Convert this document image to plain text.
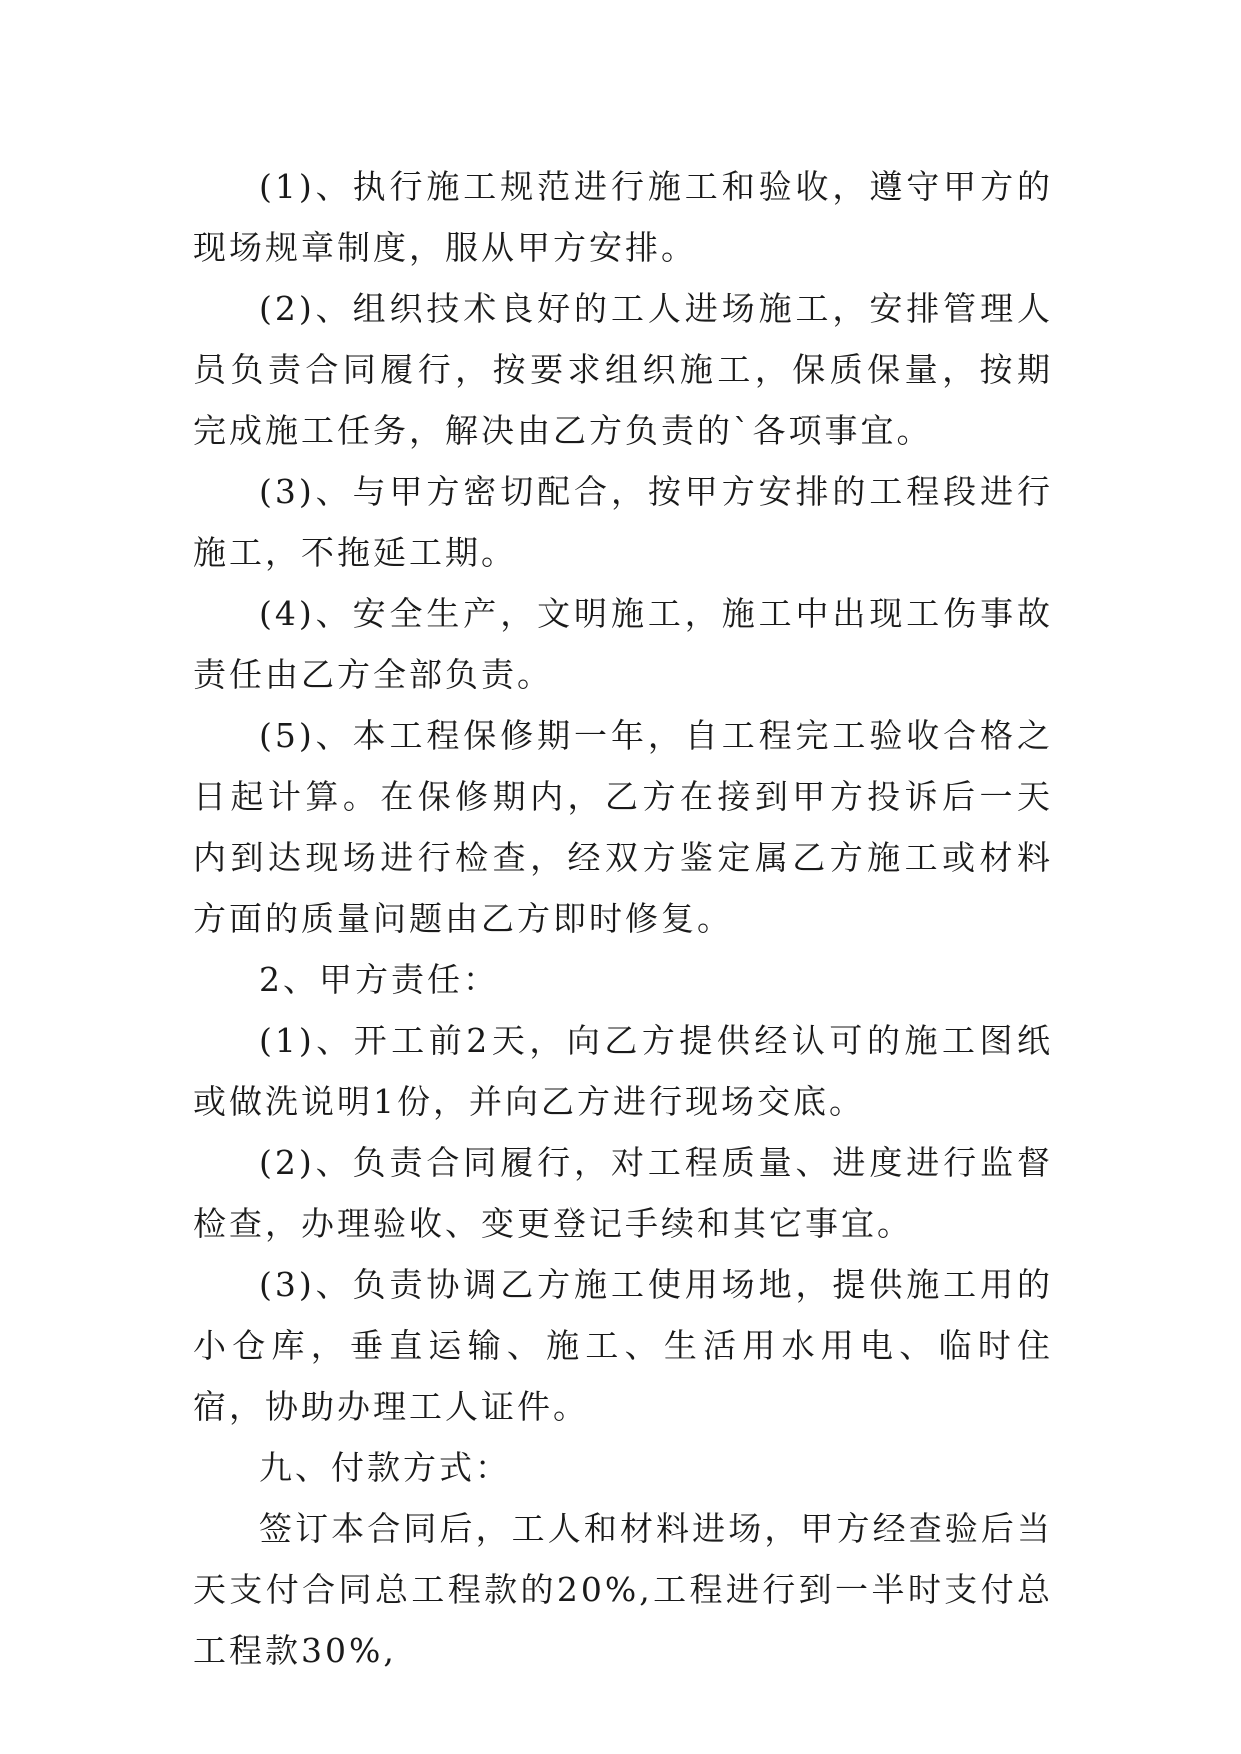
(1)、执行施工规范进行施工和验收，遵守甲方的现场规章制度，服从甲方安排。

(2)、组织技术良好的工人进场施工，安排管理人员负责合同履行，按要求组织施工，保质保量，按期完成施工任务，解决由乙方负责的`各项事宜。

(3)、与甲方密切配合，按甲方安排的工程段进行施工，不拖延工期。

(4)、安全生产，文明施工，施工中出现工伤事故责任由乙方全部负责。

(5)、本工程保修期一年，自工程完工验收合格之日起计算。在保修期内，乙方在接到甲方投诉后一天内到达现场进行检查，经双方鉴定属乙方施工或材料方面的质量问题由乙方即时修复。

2、甲方责任：

(1)、开工前2天，向乙方提供经认可的施工图纸或做洗说明1份，并向乙方进行现场交底。

(2)、负责合同履行，对工程质量、进度进行监督检查，办理验收、变更登记手续和其它事宜。

(3)、负责协调乙方施工使用场地，提供施工用的小仓库，垂直运输、施工、生活用水用电、临时住宿，协助办理工人证件。

九、付款方式：

签订本合同后，工人和材料进场，甲方经查验后当天支付合同总工程款的20%,工程进行到一半时支付总工程款30%,
